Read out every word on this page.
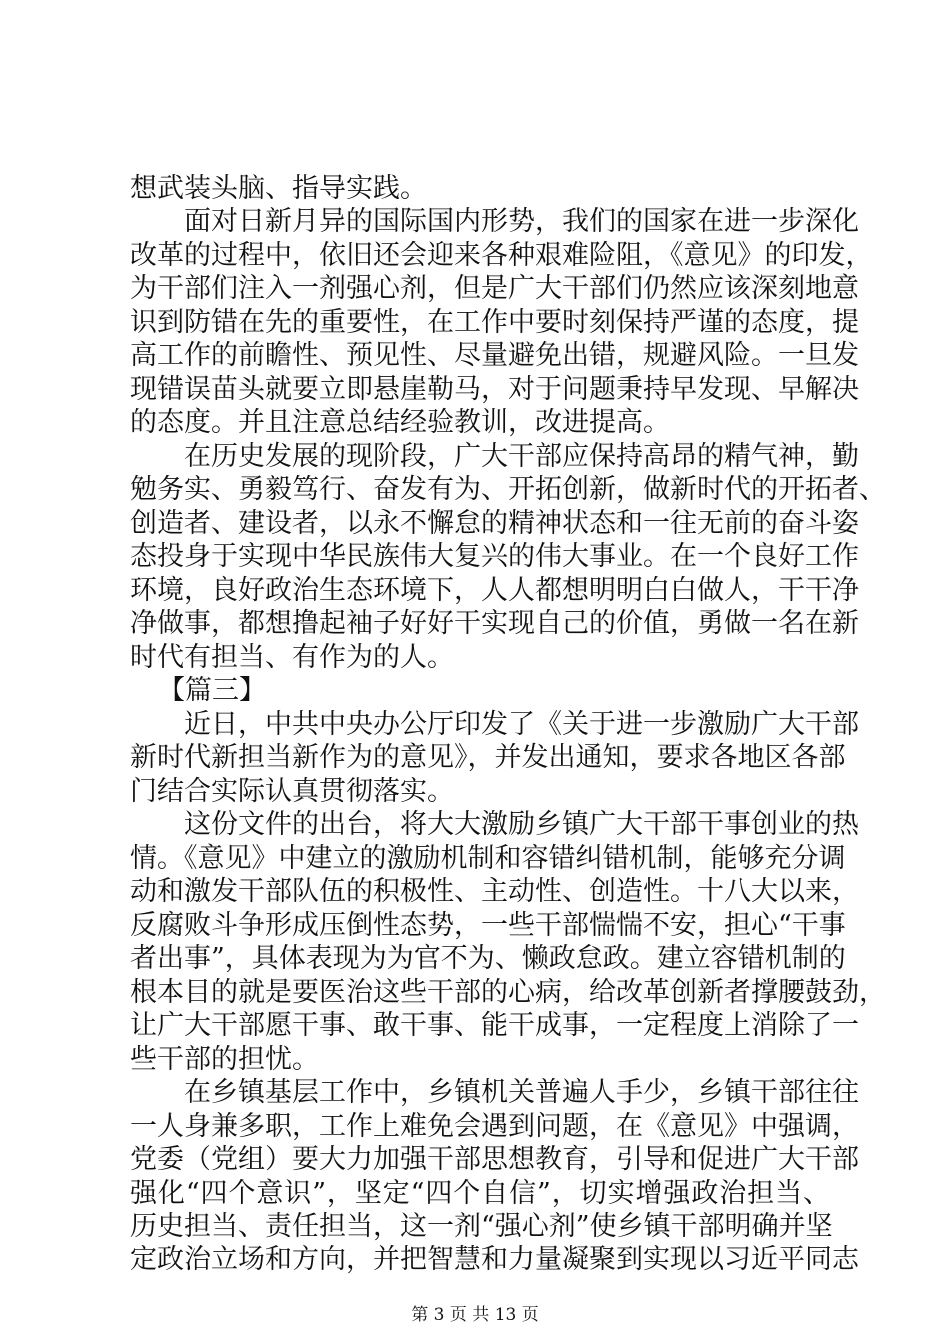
想武装头脑、指导实践。
面对日新月异的国际国内形势，我们的国家在进一步深化
改革的过程中，依旧还会迎来各种艰难险阻，《意见》的印发，
为干部们注入一剂强心剂，但是广大干部们仍然应该深刻地意
识到防错在先的重要性，在工作中要时刻保持严谨的态度，提
高工作的前瞻性、预见性、尽量避免出错，规避风险。一旦发
现错误苗头就要立即悬崖勒马，对于问题秉持早发现、早解决
的态度。并且注意总结经验教训，改进提高。
在历史发展的现阶段，广大干部应保持高昂的精气神，勤
勉务实、勇毅笃行、奋发有为、开拓创新，做新时代的开拓者、
创造者、建设者，以永不懈怠的精神状态和一往无前的奋斗姿
态投身于实现中华民族伟大复兴的伟大事业。在一个良好工作
环境，良好政治生态环境下，人人都想明明白白做人，干干净
净做事，都想撸起袖子好好干实现自己的价值，勇做一名在新
时代有担当、有作为的人。
【篇三】
近日，中共中央办公厅印发了《关于进一步激励广大干部
新时代新担当新作为的意见》，并发出通知，要求各地区各部
门结合实际认真贯彻落实。
这份文件的出台，将大大激励乡镇广大干部干事创业的热
情。《意见》中建立的激励机制和容错纠错机制，能够充分调
动和激发干部队伍的积极性、主动性、创造性。十八大以来，
反腐败斗争形成压倒性态势，一些干部惴惴不安，担心“干事
者出事”，具体表现为为官不为、懒政怠政。建立容错机制的
根本目的就是要医治这些干部的心病，给改革创新者撑腰鼓劲，
让广大干部愿干事、敢干事、能干成事，一定程度上消除了一
些干部的担忧。
在乡镇基层工作中，乡镇机关普遍人手少，乡镇干部往往
一人身兼多职，工作上难免会遇到问题，在《意见》中强调，
党委（党组）要大力加强干部思想教育，引导和促进广大干部
强化“四个意识”，坚定“四个自信”，切实增强政治担当、
历史担当、责任担当，这一剂“强心剂”使乡镇干部明确并坚
定政治立场和方向，并把智慧和力量凝聚到实现以习近平同志
第 3 页 共 13 页
